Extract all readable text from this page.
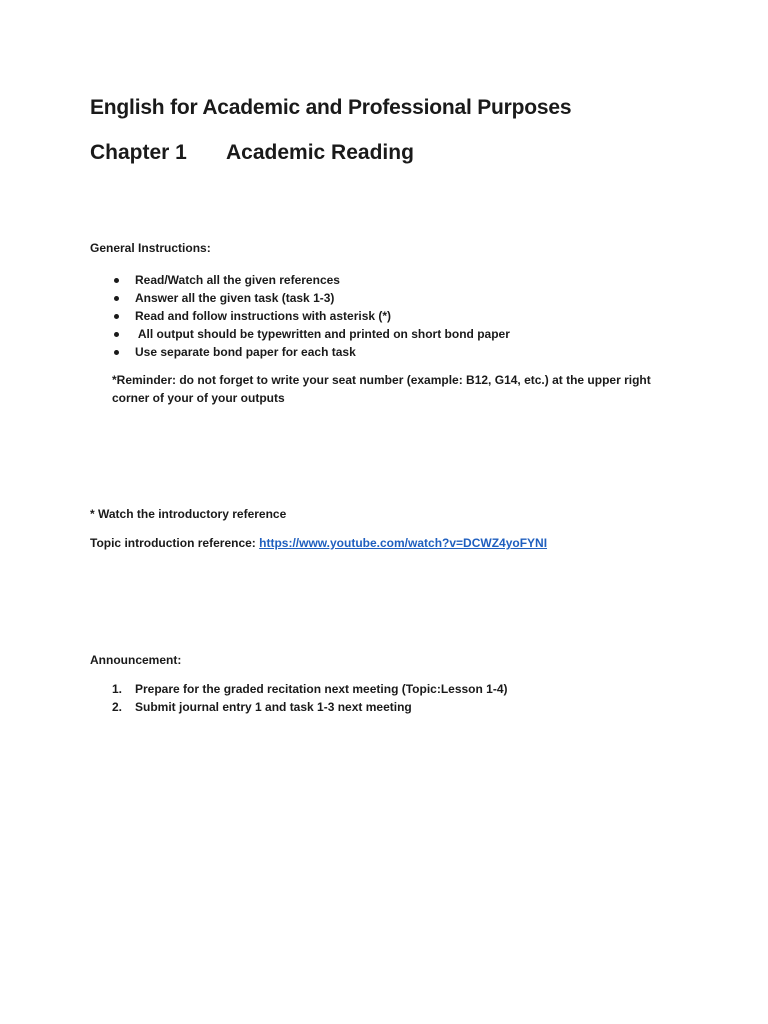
English for Academic and Professional Purposes
Chapter 1 Academic Reading

General Instructions:

Read/Watch all the given references
Answer all the given task (task 1-3)
Read and follow instructions with asterisk (*)
All output should be typewritten and printed on short bond paper
Use separate bond paper for each task

*Reminder: do not forget to write your seat number (example: B12, G14, etc.) at the upper right corner of your of your outputs

* Watch the introductory reference

Topic introduction reference: https://www.youtube.com/watch?v=DCWZ4yoFYNI

Announcement:

1. Prepare for the graded recitation next meeting (Topic:Lesson 1-4)
2. Submit journal entry 1 and task 1-3 next meeting
